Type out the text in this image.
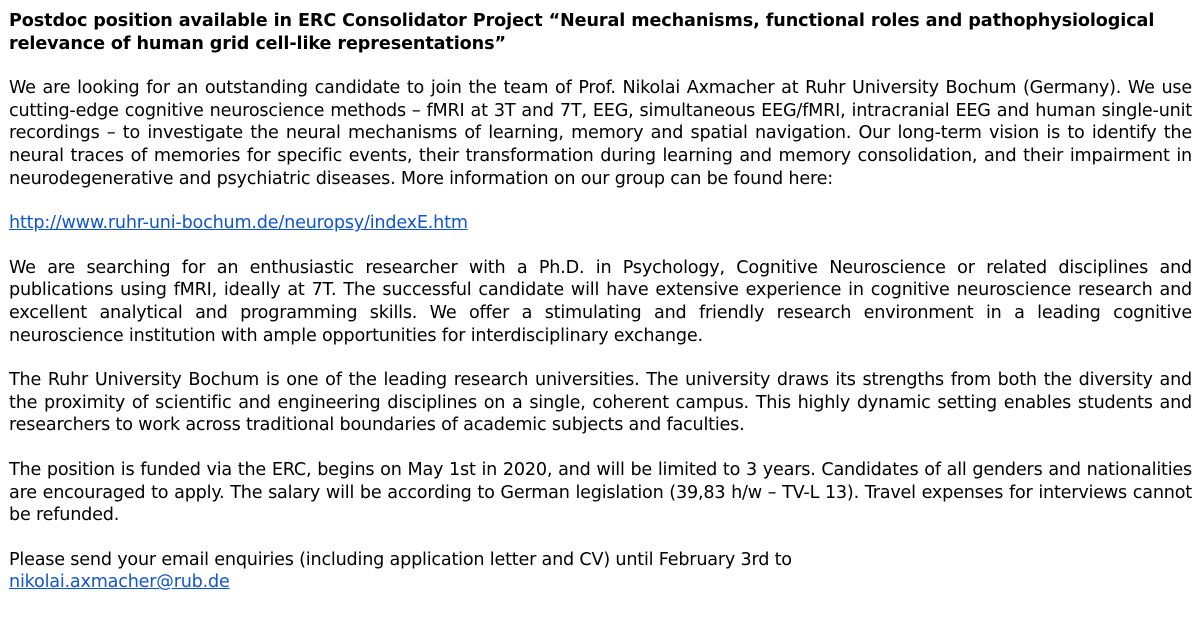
Postdoc position available in ERC Consolidator Project “Neural mechanisms, functional roles and pathophysiological relevance of human grid cell-like representations”
We are looking for an outstanding candidate to join the team of Prof. Nikolai Axmacher at Ruhr University Bochum (Germany). We use cutting-edge cognitive neuroscience methods – fMRI at 3T and 7T, EEG, simultaneous EEG/fMRI, intracranial EEG and human single-unit recordings – to investigate the neural mechanisms of learning, memory and spatial navigation. Our long-term vision is to identify the neural traces of memories for specific events, their transformation during learning and memory consolidation, and their impairment in neurodegenerative and psychiatric diseases. More information on our group can be found here:
http://www.ruhr-uni-bochum.de/neuropsy/indexE.htm
We are searching for an enthusiastic researcher with a Ph.D. in Psychology, Cognitive Neuroscience or related disciplines and publications using fMRI, ideally at 7T. The successful candidate will have extensive experience in cognitive neuroscience research and excellent analytical and programming skills. We offer a stimulating and friendly research environment in a leading cognitive neuroscience institution with ample opportunities for interdisciplinary exchange.
The Ruhr University Bochum is one of the leading research universities. The university draws its strengths from both the diversity and the proximity of scientific and engineering disciplines on a single, coherent campus. This highly dynamic setting enables students and researchers to work across traditional boundaries of academic subjects and faculties.
The position is funded via the ERC, begins on May 1st in 2020, and will be limited to 3 years. Candidates of all genders and nationalities are encouraged to apply. The salary will be according to German legislation (39,83 h/w – TV-L 13). Travel expenses for interviews cannot be refunded.
Please send your email enquiries (including application letter and CV) until February 3rd to
nikolai.axmacher@rub.de
